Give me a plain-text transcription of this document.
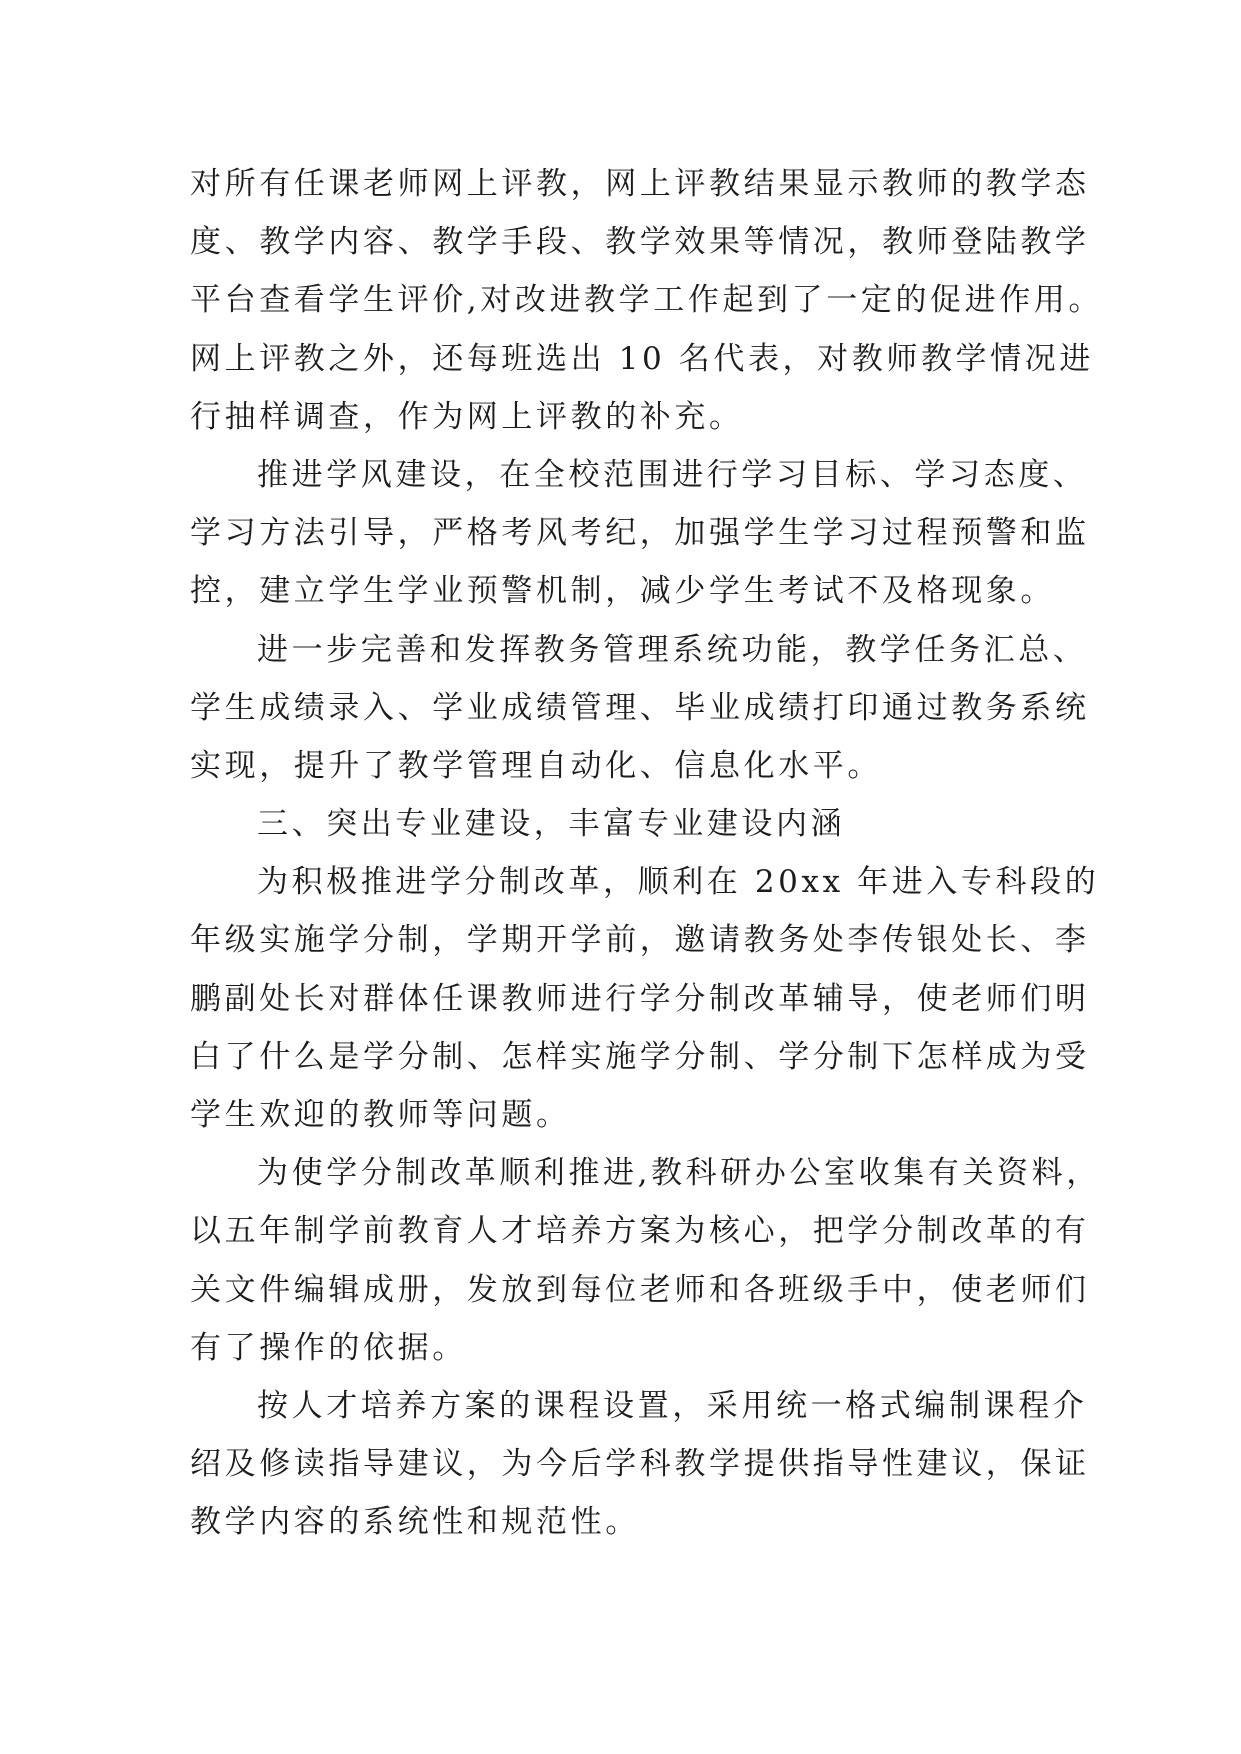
对所有任课老师网上评教，网上评教结果显示教师的教学态
度、教学内容、教学手段、教学效果等情况，教师登陆教学
平台查看学生评价,对改进教学工作起到了一定的促进作用。
网上评教之外，还每班选出 10 名代表，对教师教学情况进
行抽样调查，作为网上评教的补充。
推进学风建设，在全校范围进行学习目标、学习态度、
学习方法引导，严格考风考纪，加强学生学习过程预警和监
控，建立学生学业预警机制，减少学生考试不及格现象。
进一步完善和发挥教务管理系统功能，教学任务汇总、
学生成绩录入、学业成绩管理、毕业成绩打印通过教务系统
实现，提升了教学管理自动化、信息化水平。
三、突出专业建设，丰富专业建设内涵
为积极推进学分制改革，顺利在 20xx 年进入专科段的
年级实施学分制，学期开学前，邀请教务处李传银处长、李
鹏副处长对群体任课教师进行学分制改革辅导，使老师们明
白了什么是学分制、怎样实施学分制、学分制下怎样成为受
学生欢迎的教师等问题。
为使学分制改革顺利推进,教科研办公室收集有关资料，
以五年制学前教育人才培养方案为核心，把学分制改革的有
关文件编辑成册，发放到每位老师和各班级手中，使老师们
有了操作的依据。
按人才培养方案的课程设置，采用统一格式编制课程介
绍及修读指导建议，为今后学科教学提供指导性建议，保证
教学内容的系统性和规范性。
